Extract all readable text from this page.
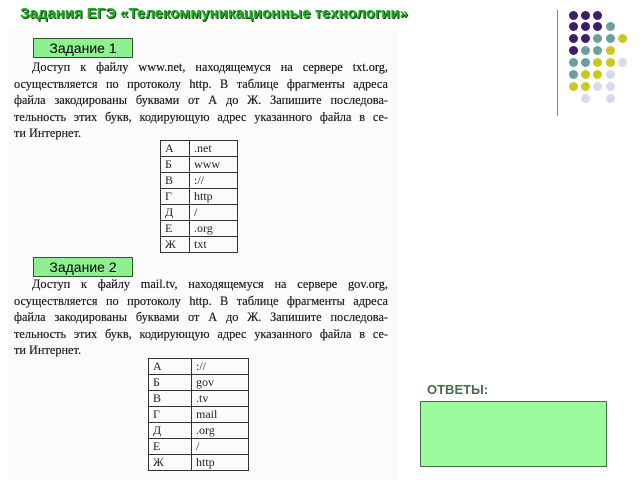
Задания ЕГЭ «Телекоммуникационные технологии»
Задание 1
Доступ к файлу www.net, находящемуся на сервере txt.org,
осуществляется по протоколу http. В таблице фрагменты адреса
файла закодированы буквами от А до Ж. Запишите последова-
тельность этих букв, кодирующую адрес указанного файла в се-
ти Интернет.
А	.net
Б	www
В	://
Г	http
Д	/
Е	.org
Ж	txt
Задание 2
Доступ к файлу mail.tv, находящемуся на сервере gov.org,
осуществляется по протоколу http. В таблице фрагменты адреса
файла закодированы буквами от А до Ж. Запишите последова-
тельность этих букв, кодирующую адрес указанного файла в се-
ти Интернет.
А	://
Б	gov
В	.tv
Г	mail
Д	.org
Е	/
Ж	http
ОТВЕТЫ:
